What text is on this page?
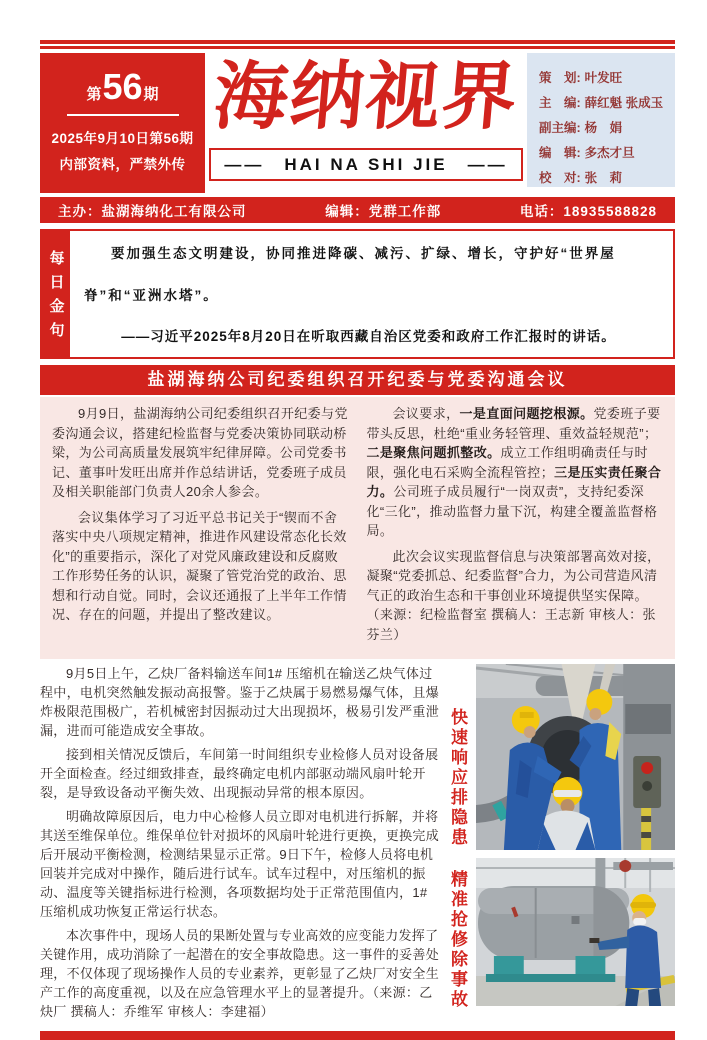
第 56 期
2025年9月10日第56期
内部资料，严禁外传
海纳视界
——　HAI NA SHI JIE　——
策　划: 叶发旺
主　编: 薛红魁 张成玉
副主编: 杨　娟
编　辑: 多杰才旦
校　对: 张　莉
主办：盐湖海纳化工有限公司	编辑：党群工作部	电话：18935588828
每日金句	要加强生态文明建设，协同推进降碳、减污、扩绿、增长，守护好“世界屋脊”和“亚洲水塔”。

——习近平2025年8月20日在听取西藏自治区党委和政府工作汇报时的讲话。

盐湖海纳公司纪委组织召开纪委与党委沟通会议

9月9日，盐湖海纳公司纪委组织召开纪委与党委沟通会议，搭建纪检监督与党委决策协同联动桥梁，为公司高质量发展筑牢纪律屏障。公司党委书记、董事叶发旺出席并作总结讲话，党委班子成员及相关职能部门负责人20余人参会。

会议集体学习了习近平总书记关于“锲而不舍落实中央八项规定精神，推进作风建设常态化长效化”的重要指示，深化了对党风廉政建设和反腐败工作形势任务的认识，凝聚了管党治党的政治、思想和行动自觉。同时，会议还通报了上半年工作情况、存在的问题，并提出了整改建议。

会议要求，一是直面问题挖根源。党委班子要带头反思，杜绝“重业务轻管理、重效益轻规范”；二是聚焦问题抓整改。成立工作组明确责任与时限，强化电石采购全流程管控；三是压实责任聚合力。公司班子成员履行“一岗双责”，支持纪委深化“三化”，推动监督力量下沉，构建全覆盖监督格局。

此次会议实现监督信息与决策部署高效对接，凝聚“党委抓总、纪委监督”合力，为公司营造风清气正的政治生态和干事创业环境提供坚实保障。（来源：纪检监督室 撰稿人：王志新 审核人：张芬兰）

9月5日上午，乙炔厂备料输送车间1# 压缩机在输送乙炔气体过程中，电机突然触发振动高报警。鉴于乙炔属于易燃易爆气体，且爆炸极限范围极广，若机械密封因振动过大出现损坏，极易引发严重泄漏，进而可能造成安全事故。

接到相关情况反馈后，车间第一时间组织专业检修人员对设备展开全面检查。经过细致排查，最终确定电机内部驱动端风扇叶轮开裂，是导致设备动平衡失效、出现振动异常的根本原因。

明确故障原因后，电力中心检修人员立即对电机进行拆解，并将其送至维保单位。维保单位针对损坏的风扇叶轮进行更换，更换完成后开展动平衡检测，检测结果显示正常。9日下午，检修人员将电机回装并完成对中操作，随后进行试车。试车过程中，对压缩机的振动、温度等关键指标进行检测，各项数据均处于正常范围值内，1#压缩机成功恢复正常运行状态。

本次事件中，现场人员的果断处置与专业高效的应变能力发挥了关键作用，成功消除了一起潜在的安全事故隐患。这一事件的妥善处理，不仅体现了现场操作人员的专业素养，更彰显了乙炔厂对安全生产工作的高度重视，以及在应急管理水平上的显著提升。（来源：乙炔厂 撰稿人：乔维军 审核人：李建福）

快速响应排隐患 精准抢修除事故
